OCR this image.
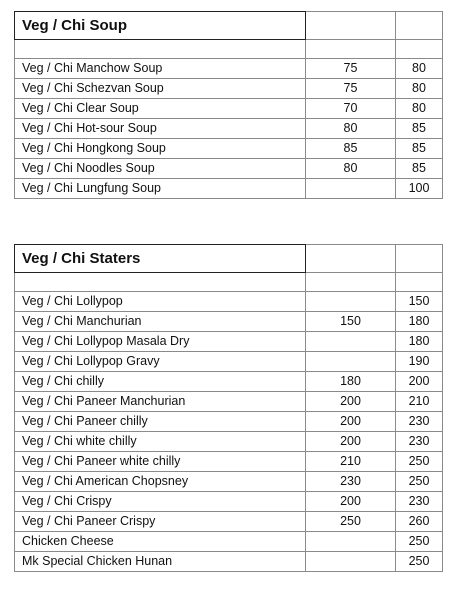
Veg / Chi Soup		

Veg / Chi Manchow Soup	75	80
Veg / Chi Schezvan Soup	75	80
Veg / Chi Clear Soup	70	80
Veg / Chi Hot-sour Soup	80	85
Veg / Chi Hongkong Soup	85	85
Veg / Chi Noodles Soup	80	85
Veg / Chi Lungfung Soup		100
Veg / Chi Staters		

Veg / Chi Lollypop		150
Veg / Chi Manchurian	150	180
Veg / Chi Lollypop Masala Dry		180
Veg / Chi Lollypop Gravy		190
Veg / Chi chilly	180	200
Veg / Chi Paneer Manchurian	200	210
Veg / Chi Paneer chilly	200	230
Veg / Chi white chilly	200	230
Veg / Chi Paneer white chilly	210	250
Veg / Chi American Chopsney	230	250
Veg / Chi Crispy	200	230
Veg / Chi Paneer Crispy	250	260
Chicken Cheese		250
Mk Special Chicken Hunan		250
